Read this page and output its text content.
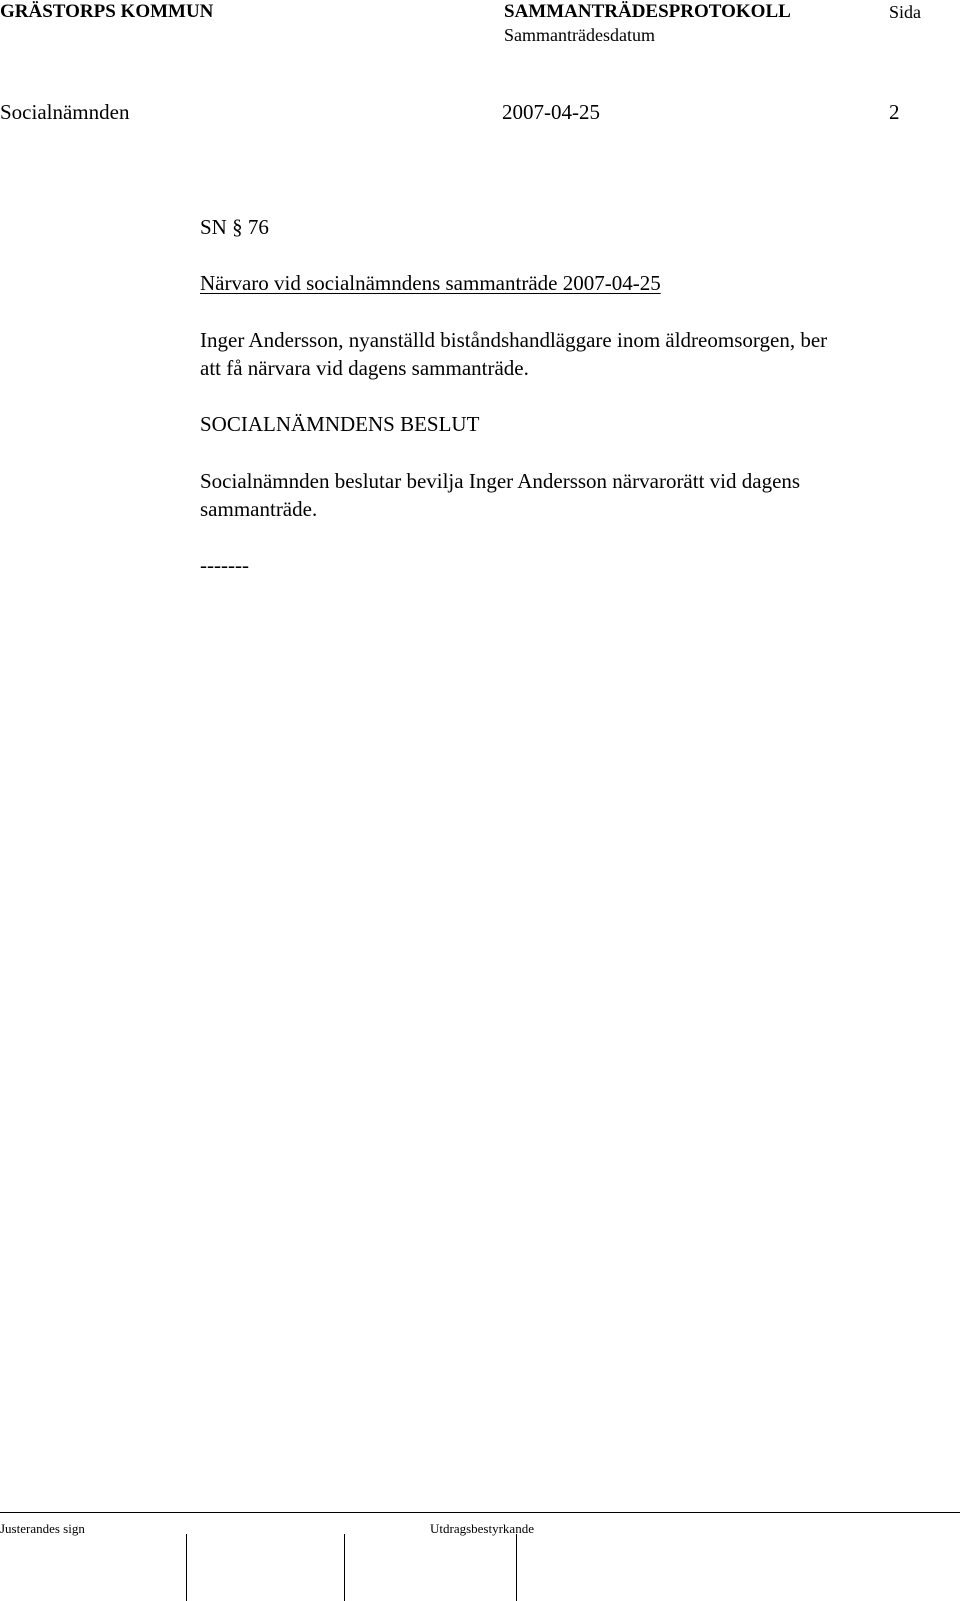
GRÄSTORPS KOMMUN	SAMMANTRÄDESPROTOKOLL	Sida
Sammanträdesdatum
Socialnämnden	2007-04-25	2
SN § 76
Närvaro vid socialnämndens sammanträde 2007-04-25
Inger Andersson, nyanställd biståndshandläggare inom äldreomsorgen, ber
att få närvara vid dagens sammanträde.
SOCIALNÄMNDENS BESLUT
Socialnämnden beslutar bevilja Inger Andersson närvarorätt vid dagens
sammanträde.
-------
Justerandes sign	Utdragsbestyrkande
